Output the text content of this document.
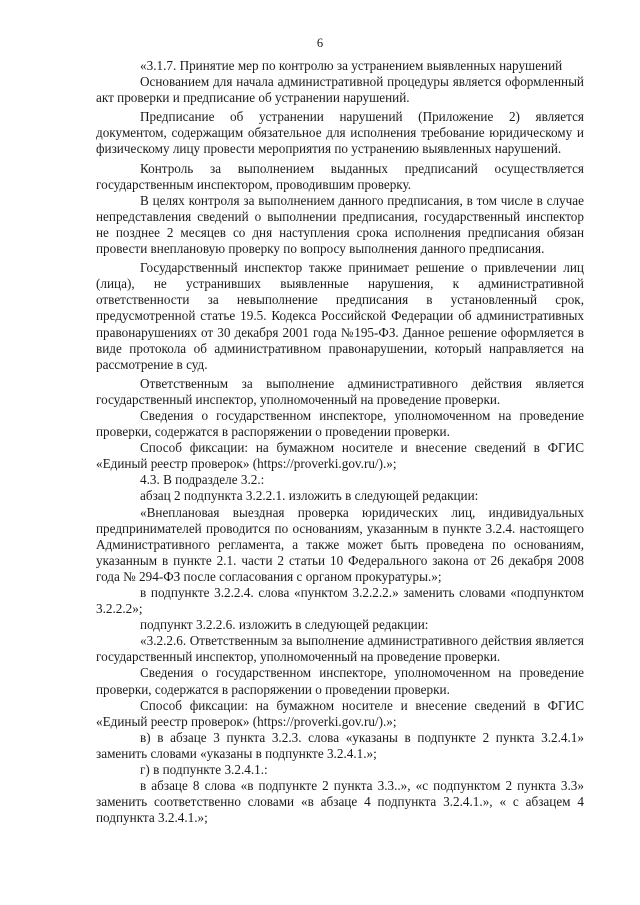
6

«3.1.7. Принятие мер по контролю за устранением выявленных нарушений

Основанием для начала административной процедуры является оформленный акт проверки и предписание об устранении нарушений.

Предписание об устранении нарушений (Приложение 2) является документом, содержащим обязательное для исполнения требование юридическому и физическому лицу провести мероприятия по устранению выявленных нарушений.

Контроль за выполнением выданных предписаний осуществляется государственным инспектором, проводившим проверку.

В целях контроля за выполнением данного предписания, в том числе в случае непредставления сведений о выполнении предписания, государственный инспектор не позднее 2 месяцев со дня наступления срока исполнения предписания обязан провести внеплановую проверку по вопросу выполнения данного предписания.

Государственный инспектор также принимает решение о привлечении лиц (лица), не устранивших выявленные нарушения, к административной ответственности за невыполнение предписания в установленный срок, предусмотренной статье 19.5. Кодекса Российской Федерации об административных правонарушениях от 30 декабря 2001 года №195-ФЗ. Данное решение оформляется в виде протокола об административном правонарушении, который направляется на рассмотрение в суд.

Ответственным за выполнение административного действия является государственный инспектор, уполномоченный на проведение проверки.

Сведения о государственном инспекторе, уполномоченном на проведение проверки, содержатся в распоряжении о проведении проверки.

Способ фиксации: на бумажном носителе и внесение сведений в ФГИС «Единый реестр проверок» (https://proverki.gov.ru/).»;

4.3. В подразделе 3.2.:

абзац 2 подпункта 3.2.2.1. изложить в следующей редакции:

«Внеплановая выездная проверка юридических лиц, индивидуальных предпринимателей проводится по основаниям, указанным в пункте 3.2.4. настоящего Административного регламента, а также может быть проведена по основаниям, указанным в пункте 2.1. части 2 статьи 10 Федерального закона от 26 декабря 2008 года № 294-ФЗ после согласования с органом прокуратуры.»;

в подпункте 3.2.2.4. слова «пунктом 3.2.2.2.» заменить словами «подпунктом 3.2.2.2»;

подпункт 3.2.2.6. изложить в следующей редакции:

«3.2.2.6. Ответственным за выполнение административного действия является государственный инспектор, уполномоченный на проведение проверки.

Сведения о государственном инспекторе, уполномоченном на проведение проверки, содержатся в распоряжении о проведении проверки.

Способ фиксации: на бумажном носителе и внесение сведений в ФГИС «Единый реестр проверок» (https://proverki.gov.ru/).»;

в) в абзаце 3 пункта 3.2.3. слова «указаны в подпункте 2 пункта 3.2.4.1» заменить словами «указаны в подпункте 3.2.4.1.»;

г) в подпункте 3.2.4.1.:

в абзаце 8 слова «в подпункте 2 пункта 3.3..», «с подпунктом 2 пункта 3.3» заменить соответственно словами «в абзаце 4 подпункта 3.2.4.1.», « с абзацем 4 подпункта 3.2.4.1.»;
